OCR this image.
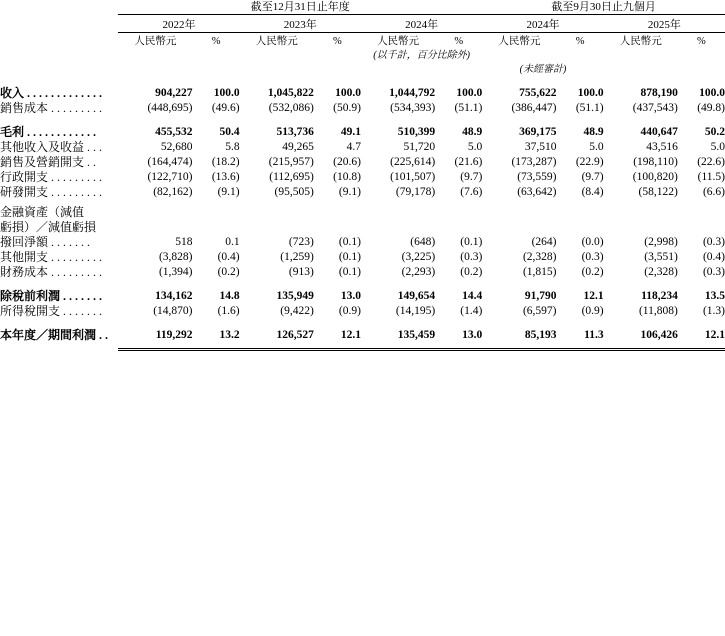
	截至12月31日止年度						截至9月30日止九個月			

	2022年		2023年		2024年		2024年		2025年	

	人民幣元	%	人民幣元	%	人民幣元	%	人民幣元	%	人民幣元	%
					(以千計，百分比除外)					
							(未經審計)			

收入 . . . . . . . . . . . . .	904,227	100.0	1,045,822	100.0	1,044,792	100.0	755,622	100.0	878,190	100.0
銷售成本 . . . . . . . . .	(448,695)	(49.6)	(532,086)	(50.9)	(534,393)	(51.1)	(386,447)	(51.1)	(437,543)	(49.8)

毛利 . . . . . . . . . . . .	455,532	50.4	513,736	49.1	510,399	48.9	369,175	48.9	440,647	50.2
其他收入及收益 . . .	52,680	5.8	49,265	4.7	51,720	5.0	37,510	5.0	43,516	5.0
銷售及營銷開支 . .	(164,474)	(18.2)	(215,957)	(20.6)	(225,614)	(21.6)	(173,287)	(22.9)	(198,110)	(22.6)
行政開支 . . . . . . . . .	(122,710)	(13.6)	(112,695)	(10.8)	(101,507)	(9.7)	(73,559)	(9.7)	(100,820)	(11.5)
研發開支 . . . . . . . . .	(82,162)	(9.1)	(95,505)	(9.1)	(79,178)	(7.6)	(63,642)	(8.4)	(58,122)	(6.6)

金融資產（減值										
虧損）／減值虧損										
撥回淨額 . . . . . . .	518	0.1	(723)	(0.1)	(648)	(0.1)	(264)	(0.0)	(2,998)	(0.3)
其他開支 . . . . . . . . .	(3,828)	(0.4)	(1,259)	(0.1)	(3,225)	(0.3)	(2,328)	(0.3)	(3,551)	(0.4)
財務成本 . . . . . . . . .	(1,394)	(0.2)	(913)	(0.1)	(2,293)	(0.2)	(1,815)	(0.2)	(2,328)	(0.3)

除稅前利潤 . . . . . . .	134,162	14.8	135,949	13.0	149,654	14.4	91,790	12.1	118,234	13.5
所得稅開支 . . . . . . .	(14,870)	(1.6)	(9,422)	(0.9)	(14,195)	(1.4)	(6,597)	(0.9)	(11,808)	(1.3)

本年度／期間利潤 . .	119,292	13.2	126,527	12.1	135,459	13.0	85,193	11.3	106,426	12.1
